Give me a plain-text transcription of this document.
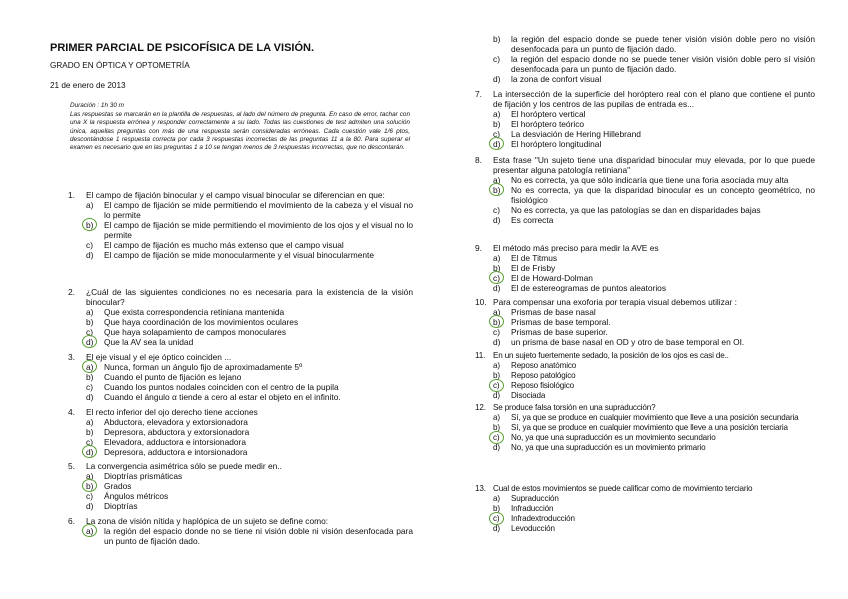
PRIMER PARCIAL DE PSICOFÍSICA DE LA VISIÓN.
GRADO EN ÓPTICA Y OPTOMETRÍA
21 de enero de 2013

Duración : 1h 30 m

Las respuestas se marcarán en la plantilla de respuestas, al lado del número de pregunta. En caso de error, tachar con una X la respuesta errónea y responder correctamente a su lado. Todas las cuestiones de test admiten una solución única, aquellas preguntas con más de una respuesta serán consideradas erróneas. Cada cuestión vale 1/6 ptos, descontándose 1 respuesta correcta por cada 3 respuestas incorrectas de las preguntas 11 a la 80. Para superar el examen es necesario que en las preguntas 1 a 10 se tengan menos de 3 respuestas incorrectas, que no descontarán.

1.	El campo de fijación binocular y el campo visual binocular se diferencian en que:
a)	El campo de fijación se mide permitiendo el movimiento de la cabeza y el visual no lo permite
b)	El campo de fijación se mide permitiendo el movimiento de los ojos y el visual no lo permite
c)	El campo de fijación es mucho más extenso que el campo visual
d)	El campo de fijación se mide monocularmente y el visual binocularmente
2.	¿Cuál de las siguientes condiciones no es necesaria para la existencia de la visión binocular?
a)	Que exista correspondencia retiniana mantenida
b)	Que haya coordinación de los movimientos oculares
c)	Que haya solapamiento de campos monoculares
d)	Que la AV sea la unidad
3.	El eje visual y el eje óptico coinciden ...
a)	Nunca, forman un ángulo fijo de aproximadamente 5º
b)	Cuando el punto de fijación es lejano
c)	Cuando los puntos nodales coinciden con el centro de la pupila
d)	Cuando el ángulo α tiende a cero al estar el objeto en el infinito.
4.	El recto inferior del ojo derecho tiene acciones
a)	Abductora, elevadora y extorsionadora
b)	Depresora, abductora y extorsionadora
c)	Elevadora, adductora e intorsionadora
d)	Depresora, adductora e intorsionadora
5.	La convergencia asimétrica sólo se puede medir en..
a)	Dioptrías prismáticas
b)	Grados
c)	Ángulos métricos
d)	Dioptrías
6.	La zona de visión nítida y haplópica de un sujeto se define como:
a)	la región del espacio donde no se tiene ni visión doble ni visión desenfocada para un punto de fijación dado.
b)	la región del espacio donde se puede tener visión visión doble pero no visión desenfocada para un punto de fijación dado.
c)	la región del espacio donde no se puede tener visión visión doble pero sí visión desenfocada para un punto de fijación dado.
d)	la zona de confort visual
7.	La intersección de la superficie del horóptero real con el plano que contiene el punto de fijación y los centros de las pupilas de entrada es...
a)	El horóptero vertical
b)	El horóptero teórico
c)	La desviación de Hering Hillebrand
d)	El horóptero longitudinal
8.	Esta frase "Un sujeto tiene una disparidad binocular muy elevada, por lo que puede presentar alguna patología retiniana"
a)	No es correcta, ya que sólo indicaría que tiene una foria asociada muy alta
b)	No es correcta, ya que la disparidad binocular es un concepto geométrico, no fisiológico
c)	No es correcta, ya que las patologías se dan en disparidades bajas
d)	Es correcta
9.	El método más preciso para medir la AVE es
a)	El de Titmus
b)	El de Frisby
c)	El de Howard-Dolman
d)	El de estereogramas de puntos aleatorios
10. Para compensar una exoforia por terapia visual debemos utilizar :
a)	Prismas de base nasal
b)	Prismas de base temporal.
c)	Prismas de base superior.
d)	un prisma de base nasal en OD y otro de base temporal en OI.
11. En un sujeto fuertemente sedado, la posición de los ojos es casi de..
a)	Reposo anatómico
b)	Reposo patológico
c)	Reposo fisiológico
d)	Disociada
12. Se produce falsa torsión en una supraducción?
a)	Sí, ya que se produce en cualquier movimiento que lleve a una posición secundaria
b)	Sí, ya que se produce en cualquier movimiento que lleve a una posición terciaria
c)	No, ya que una supraducción es un movimiento secundario
d)	No, ya que una supraducción es un movimiento primario
13. Cual de estos movimientos se puede calificar como de movimiento terciario
a)	Supraducción
b)	Infraducción
c)	Infradextroducción
d)	Levoducción
